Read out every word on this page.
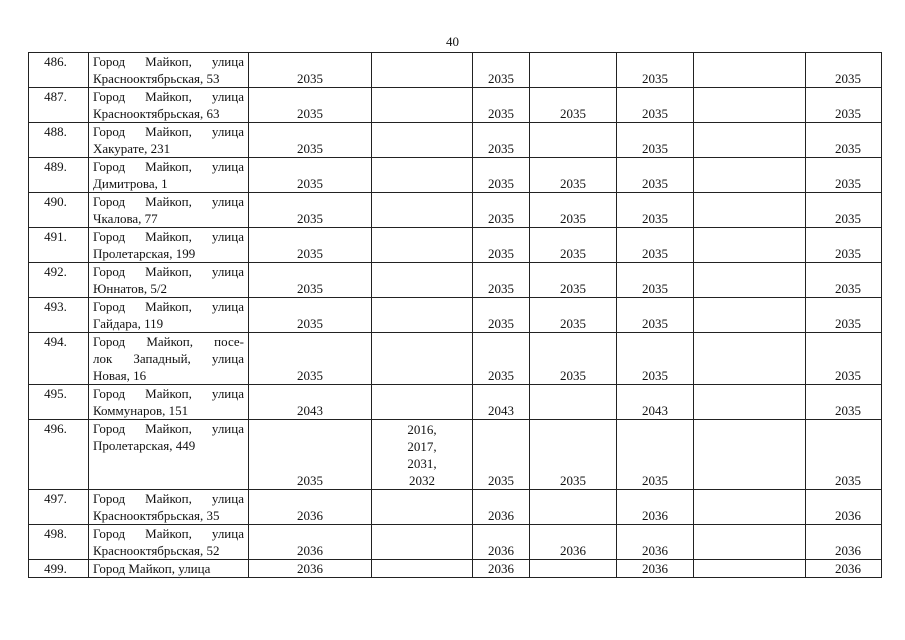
40
486.	Город Майкоп, улица
Краснооктябрьская, 53	2035		2035		2035		2035
487.	Город Майкоп, улица
Краснооктябрьская, 63	2035		2035	2035	2035		2035
488.	Город Майкоп, улица
Хакурате, 231	2035		2035		2035		2035
489.	Город Майкоп, улица
Димитрова, 1	2035		2035	2035	2035		2035
490.	Город Майкоп, улица
Чкалова, 77	2035		2035	2035	2035		2035
491.	Город Майкоп, улица
Пролетарская, 199	2035		2035	2035	2035		2035
492.	Город Майкоп, улица
Юннатов, 5/2	2035		2035	2035	2035		2035
493.	Город Майкоп, улица
Гайдара, 119	2035		2035	2035	2035		2035
494.	Город Майкоп, посе-
лок Западный, улица
Новая, 16	2035		2035	2035	2035		2035
495.	Город Майкоп, улица
Коммунаров, 151	2043		2043		2043		2035
496.	Город Майкоп, улица
Пролетарская, 449	2035	2016,
2017,
2031,
2032	2035	2035	2035		2035
497.	Город Майкоп, улица
Краснооктябрьская, 35	2036		2036		2036		2036
498.	Город Майкоп, улица
Краснооктябрьская, 52	2036		2036	2036	2036		2036
499.	Город Майкоп, улица	2036		2036		2036		2036
